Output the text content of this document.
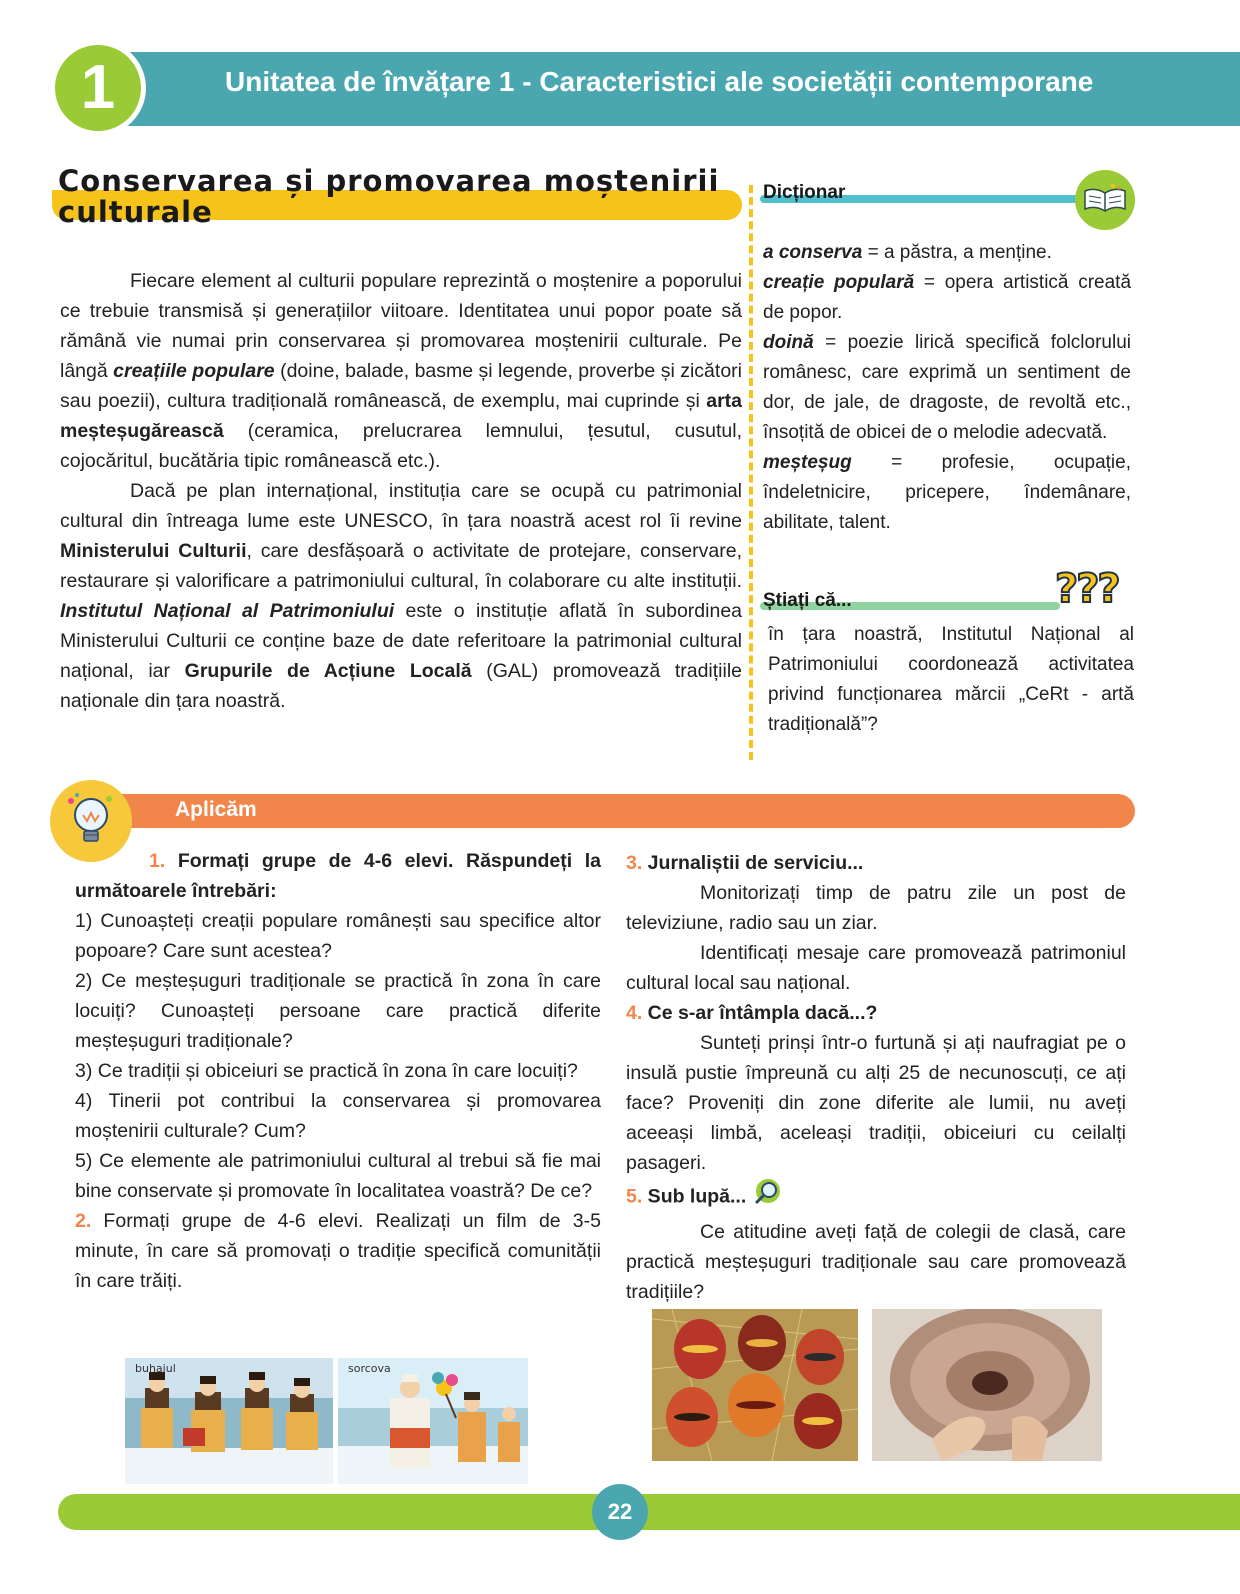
1	Unitatea de învățare 1 - Caracteristici ale societății contemporane
Conservarea și promovarea moștenirii culturale

Fiecare element al culturii populare reprezintă o moștenire a poporului ce trebuie transmisă și generațiilor viitoare. Identitatea unui popor poate să rămână vie numai prin conservarea și promovarea moștenirii culturale. Pe lângă creațiile populare (doine, balade, basme și legende, proverbe și zicători sau poezii), cultura tradițională românească, de exemplu, mai cuprinde și arta meșteșugărească (ceramica, prelucrarea lemnului, țesutul, cusutul, cojocăritul, bucătăria tipic românească etc.).

Dacă pe plan internațional, instituția care se ocupă cu patrimonial cultural din întreaga lume este UNESCO, în țara noastră acest rol îi revine Ministerului Culturii, care desfășoară o activitate de protejare, conservare, restaurare și valorificare a patrimoniului cultural, în colaborare cu alte instituții. Institutul Național al Patrimoniului este o instituție aflată în subordinea Ministerului Culturii ce conține baze de date referitoare la patrimonial cultural național, iar Grupurile de Acțiune Locală (GAL) promovează tradițiile naționale din țara noastră.

Dicționar
a conserva = a păstra, a menține.
creație populară = opera artistică creată de popor.
doină = poezie lirică specifică folclorului românesc, care exprimă un sentiment de dor, de jale, de dragoste, de revoltă etc., însoțită de obicei de o melodie adecvată.
meșteșug = profesie, ocupație, îndeletnicire, pricepere, îndemânare, abilitate, talent.
Știați că...	???
în țara noastră, Institutul Național al Patrimoniului coordonează activitatea privind funcționarea mărcii „CeRt - artă tradițională”?
Aplicăm
1. Formați grupe de 4-6 elevi. Răspundeți la următoarele întrebări:
1) Cunoașteți creații populare românești sau specifice altor popoare? Care sunt acestea?
2) Ce meșteșuguri tradiționale se practică în zona în care locuiți? Cunoașteți persoane care practică diferite meșteșuguri tradiționale?
3) Ce tradiții și obiceiuri se practică în zona în care locuiți?
4) Tinerii pot contribui la conservarea și promovarea moștenirii culturale? Cum?
5) Ce elemente ale patrimoniului cultural al trebui să fie mai bine conservate și promovate în localitatea voastră? De ce?
2. Formați grupe de 4-6 elevi. Realizați un film de 3-5 minute, în care să promovați o tradiție specifică comunității în care trăiți.
3. Jurnaliștii de serviciu...
Monitorizați timp de patru zile un post de televiziune, radio sau un ziar.
Identificați mesaje care promovează patrimoniul cultural local sau național.
4. Ce s-ar întâmpla dacă...?
Sunteți prinși într-o furtună și ați naufragiat pe o insulă pustie împreună cu alți 25 de necunoscuți, ce ați face? Proveniți din zone diferite ale lumii, nu aveți aceeași limbă, aceleași tradiții, obiceiuri cu ceilalți pasageri.
5. Sub lupă...
Ce atitudine aveți față de colegii de clasă, care practică meșteșuguri tradiționale sau care promovează tradițiile?
buhaiul	sorcova
22
